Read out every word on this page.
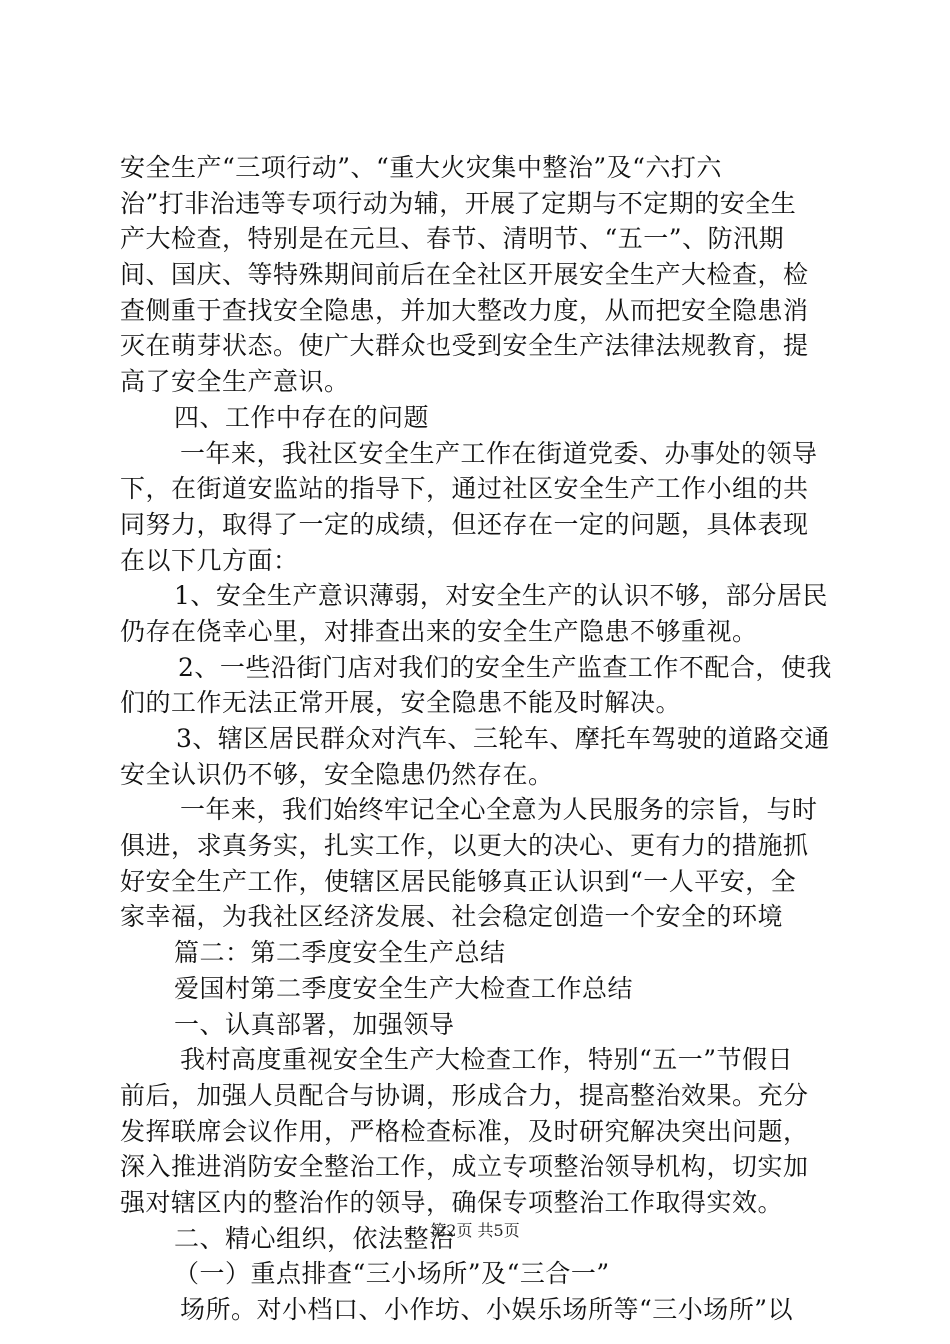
安全生产“三项行动”、“重大火灾集中整治”及“六打六
治”打非治违等专项行动为辅，开展了定期与不定期的安全生
产大检查，特别是在元旦、春节、清明节、“五一”、防汛期
间、国庆、等特殊期间前后在全社区开展安全生产大检查，检
查侧重于查找安全隐患，并加大整改力度，从而把安全隐患消
灭在萌芽状态。使广大群众也受到安全生产法律法规教育，提
高了安全生产意识。
四、工作中存在的问题
一年来，我社区安全生产工作在街道党委、办事处的领导
下，在街道安监站的指导下，通过社区安全生产工作小组的共
同努力，取得了一定的成绩，但还存在一定的问题，具体表现
在以下几方面：
1、安全生产意识薄弱，对安全生产的认识不够，部分居民
仍存在侥幸心里，对排查出来的安全生产隐患不够重视。
2、一些沿街门店对我们的安全生产监查工作不配合，使我
们的工作无法正常开展，安全隐患不能及时解决。
3、辖区居民群众对汽车、三轮车、摩托车驾驶的道路交通
安全认识仍不够，安全隐患仍然存在。
一年来，我们始终牢记全心全意为人民服务的宗旨，与时
俱进，求真务实，扎实工作，以更大的决心、更有力的措施抓
好安全生产工作，使辖区居民能够真正认识到“一人平安，全
家幸福，为我社区经济发展、社会稳定创造一个安全的环境
篇二：第二季度安全生产总结
爱国村第二季度安全生产大检查工作总结
一、认真部署，加强领导
我村高度重视安全生产大检查工作，特别“五一”节假日
前后，加强人员配合与协调，形成合力，提高整治效果。充分
发挥联席会议作用，严格检查标准，及时研究解决突出问题，
深入推进消防安全整治工作，成立专项整治领导机构，切实加
强对辖区内的整治作的领导，确保专项整治工作取得实效。
二、精心组织，依法整治
（一）重点排查“三小场所”及“三合一”
场所。对小档口、小作坊、小娱乐场所等“三小场所”以
第2页 共5页
